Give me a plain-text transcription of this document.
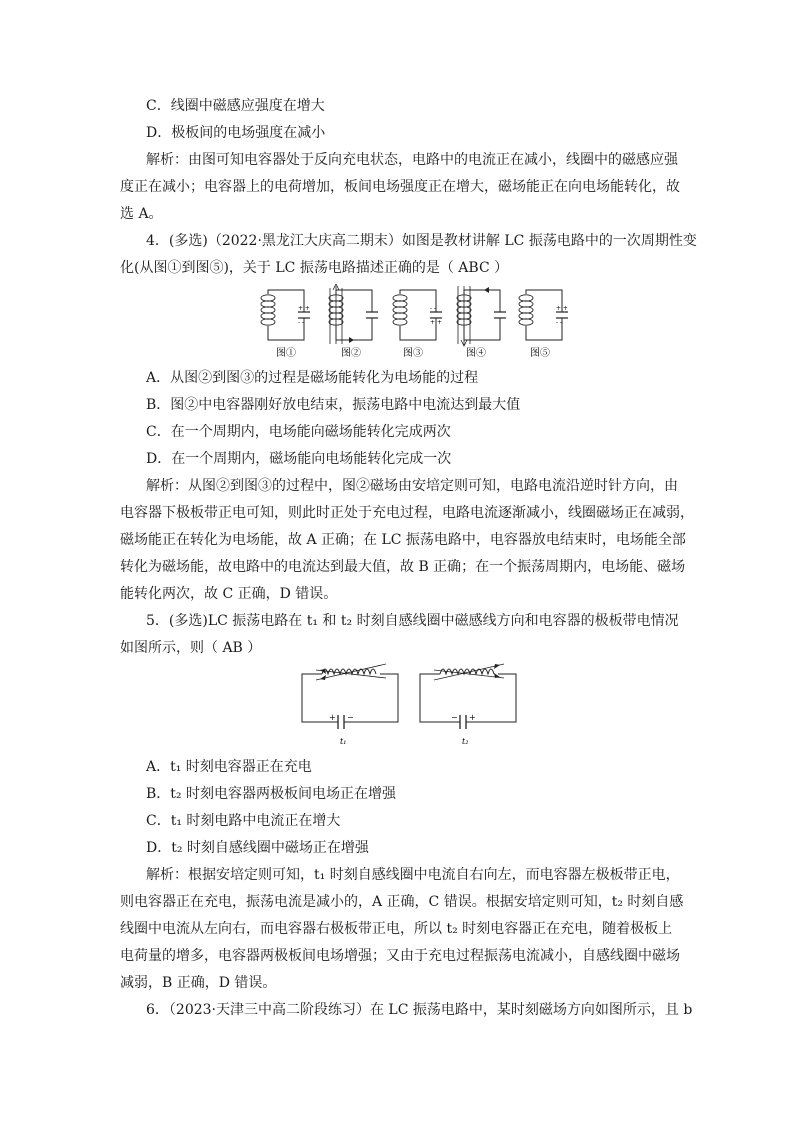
C．线圈中磁感应强度在增大
D．极板间的电场强度在减小
解析：由图可知电容器处于反向充电状态，电路中的电流正在减小，线圈中的磁感应强
度正在减小；电容器上的电荷增加，板间电场强度正在增大，磁场能正在向电场能转化，故
选 A。
4．(多选)（2022·黑龙江大庆高二期末）如图是教材讲解 LC 振荡电路中的一次周期性变
化(从图①到图⑤)，关于 LC 振荡电路描述正确的是（ ABC ）
+ +
- -
- -
+ +
+ +
- -
图①	图②	图③	图④	图⑤
A．从图②到图③的过程是磁场能转化为电场能的过程
B．图②中电容器刚好放电结束，振荡电路中电流达到最大值
C．在一个周期内，电场能向磁场能转化完成两次
D．在一个周期内，磁场能向电场能转化完成一次
解析：从图②到图③的过程中，图②磁场由安培定则可知，电路电流沿逆时针方向，由
电容器下极板带正电可知，则此时正处于充电过程，电路电流逐渐减小，线圈磁场正在减弱，
磁场能正在转化为电场能，故 A 正确；在 LC 振荡电路中，电容器放电结束时，电场能全部
转化为磁场能，故电路中的电流达到最大值，故 B 正确；在一个振荡周期内，电场能、磁场
能转化两次，故 C 正确，D 错误。
5．(多选)LC 振荡电路在 t₁ 和 t₂ 时刻自感线圈中磁感线方向和电容器的极板带电情况
如图所示，则（ AB ）
+ −
t₁
− +
t₂
A．t₁ 时刻电容器正在充电
B．t₂ 时刻电容器两极板间电场正在增强
C．t₁ 时刻电路中电流正在增大
D．t₂ 时刻自感线圈中磁场正在增强
解析：根据安培定则可知，t₁ 时刻自感线圈中电流自右向左，而电容器左极板带正电，
则电容器正在充电，振荡电流是减小的，A 正确，C 错误。根据安培定则可知，t₂ 时刻自感
线圈中电流从左向右，而电容器右极板带正电，所以 t₂ 时刻电容器正在充电，随着极板上
电荷量的增多，电容器两极板间电场增强；又由于充电过程振荡电流减小，自感线圈中磁场
减弱，B 正确，D 错误。
6．（2023·天津三中高二阶段练习）在 LC 振荡电路中，某时刻磁场方向如图所示，且 b
